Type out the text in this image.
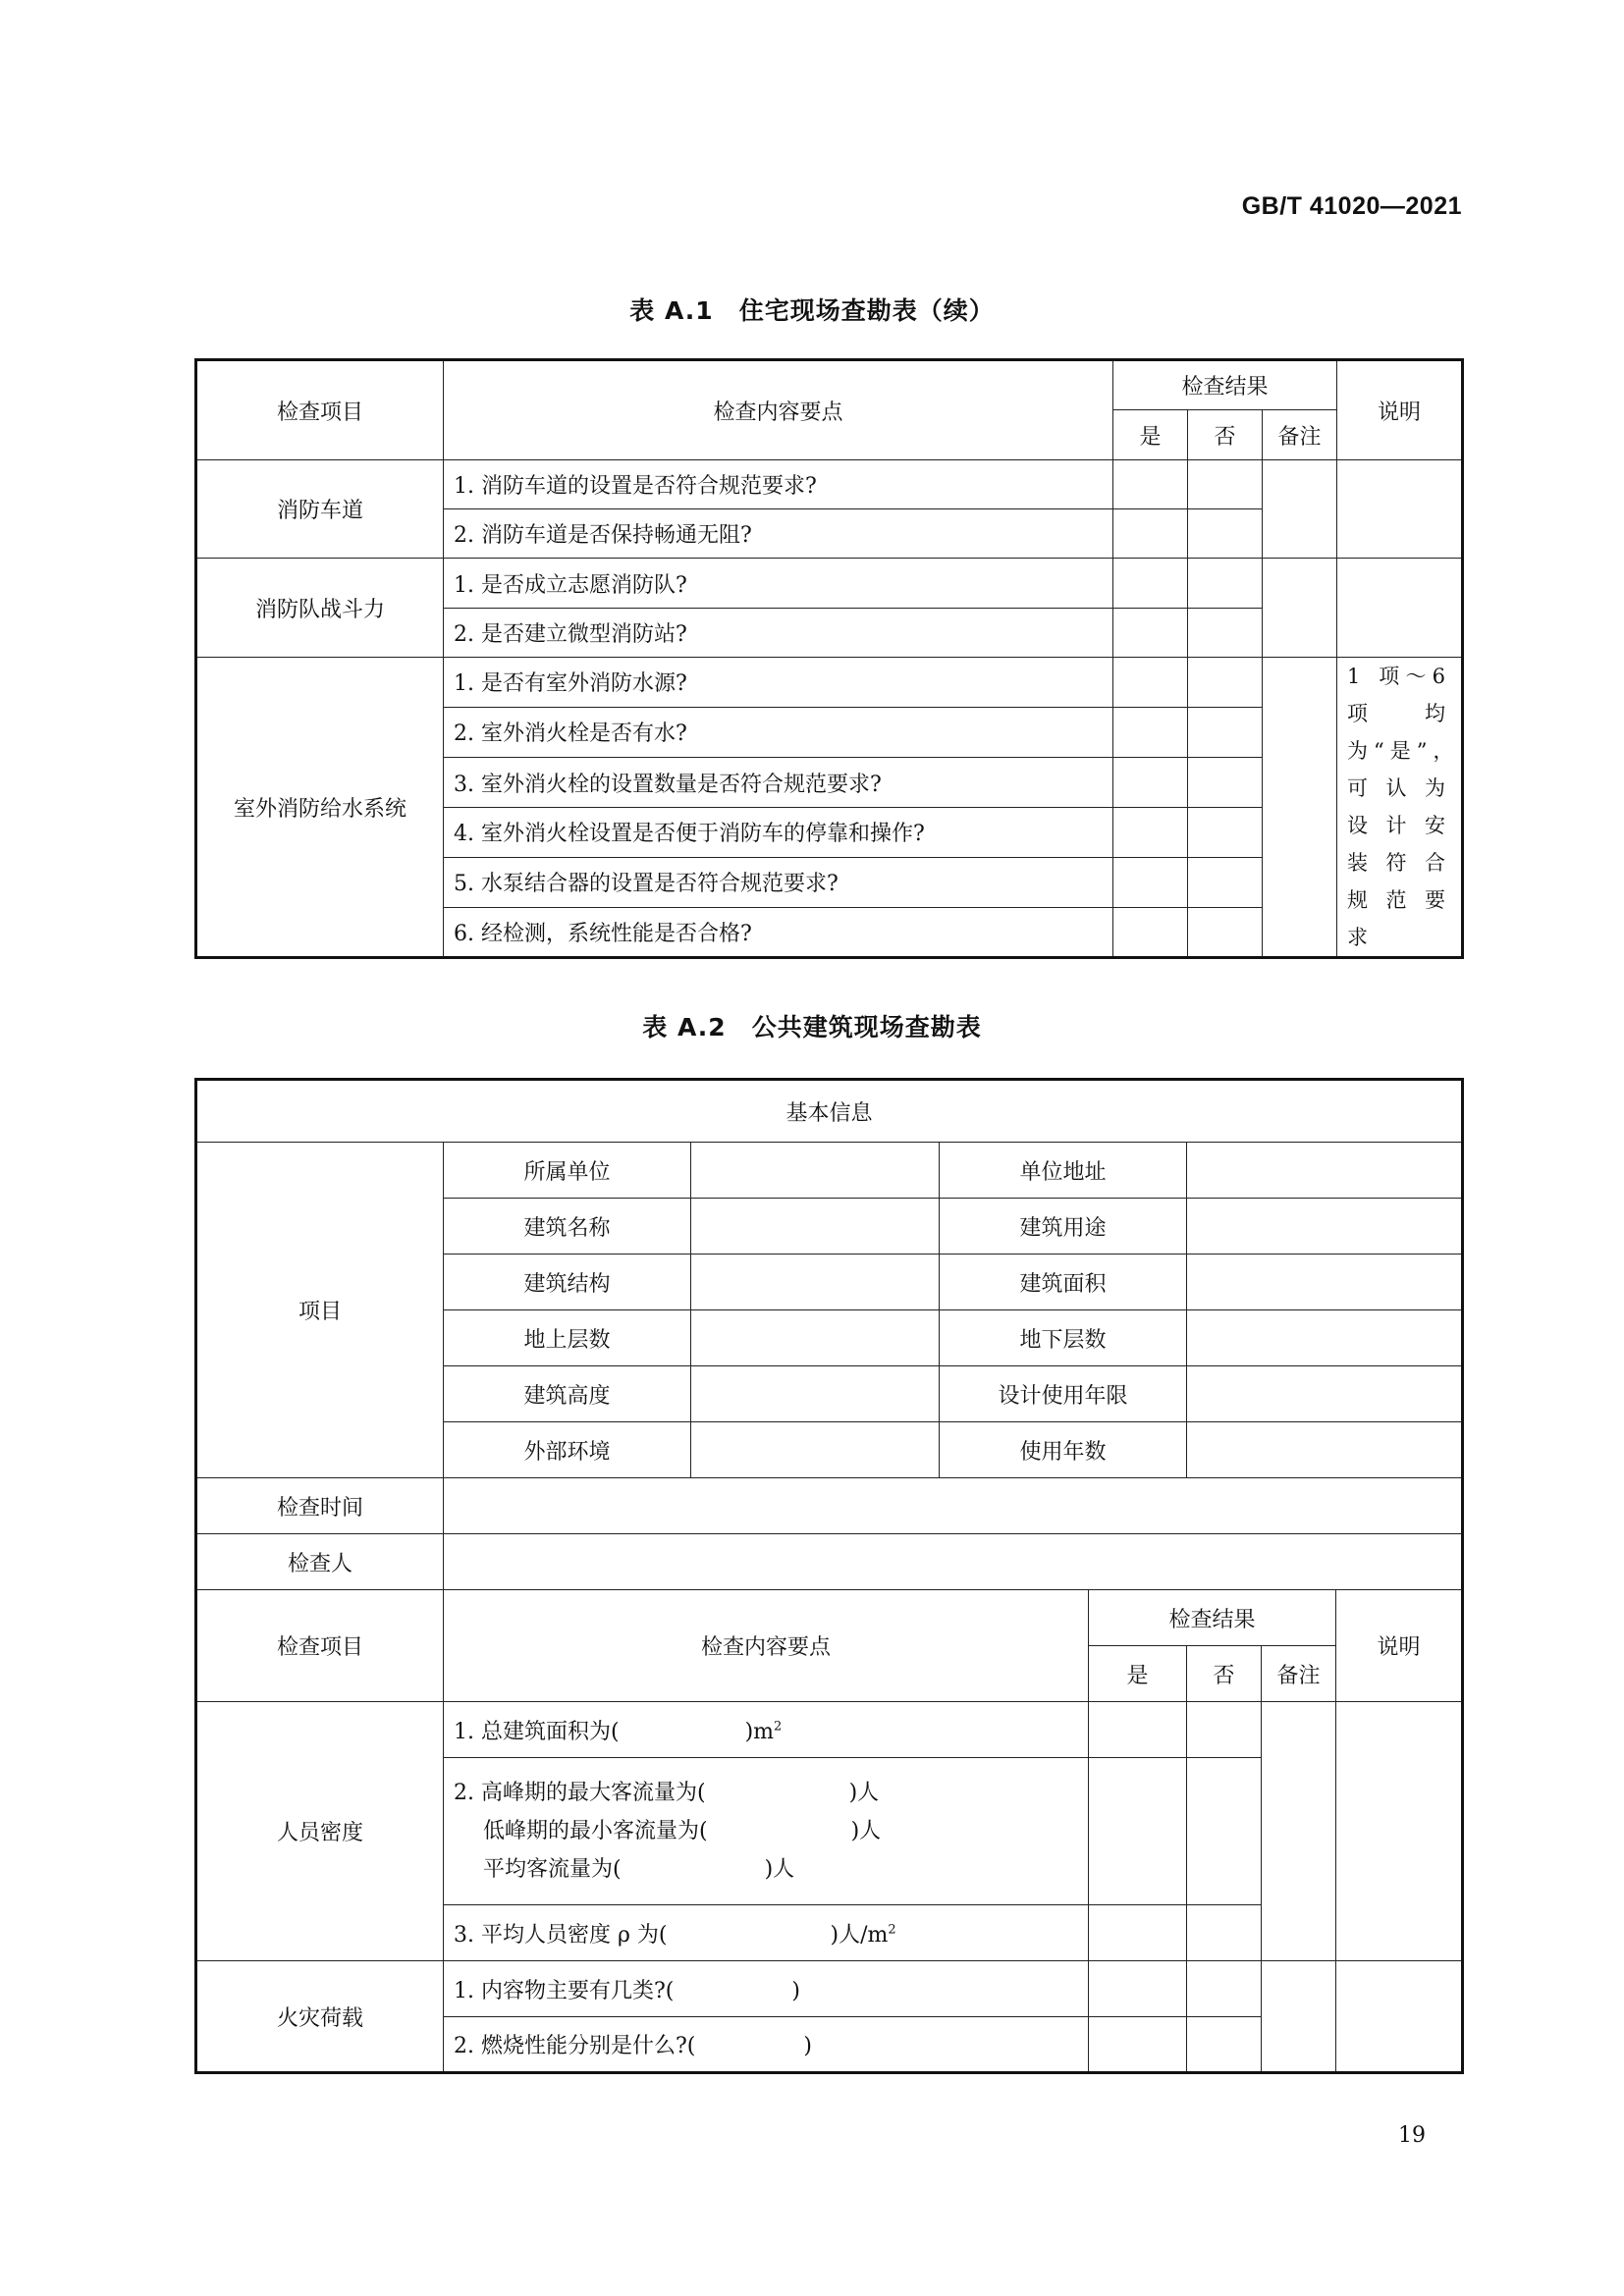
GB/T 41020—2021
表 A.1　住宅现场查勘表（续）
检查项目	检查内容要点	检查结果			说明
		是	否	备注	
消防车道	1. 消防车道的设置是否符合规范要求?				
	2. 消防车道是否保持畅通无阻?				
消防队战斗力	1. 是否成立志愿消防队?				
	2. 是否建立微型消防站?				
室外消防给水系统	1. 是否有室外消防水源?				1 项～6 项均为“是”，可认为设计安装符合规范要求
	2. 室外消火栓是否有水?				
	3. 室外消火栓的设置数量是否符合规范要求?				
	4. 室外消火栓设置是否便于消防车的停靠和操作?				
	5. 水泵结合器的设置是否符合规范要求?				
	6. 经检测，系统性能是否合格?				
表 A.2　公共建筑现场查勘表
基本信息							
项目	所属单位		单位地址				
	建筑名称		建筑用途				
	建筑结构		建筑面积				
	地上层数		地下层数				
	建筑高度		设计使用年限				
	外部环境		使用年数				
检查时间							
检查人							
检查项目	检查内容要点			检查结果			说明
				是	否	备注	
人员密度	1. 总建筑面积为( )$m^2$				

	2. 高峰期的最大客流量为( )人
低峰期的最小客流量为( )人
平均客流量为( )人						

	3. 平均人员密度 ρ 为( )人$/m^2$		
火灾荷载	1. 内容物主要有几类?( )						
	2. 燃烧性能分别是什么?( )						
19
